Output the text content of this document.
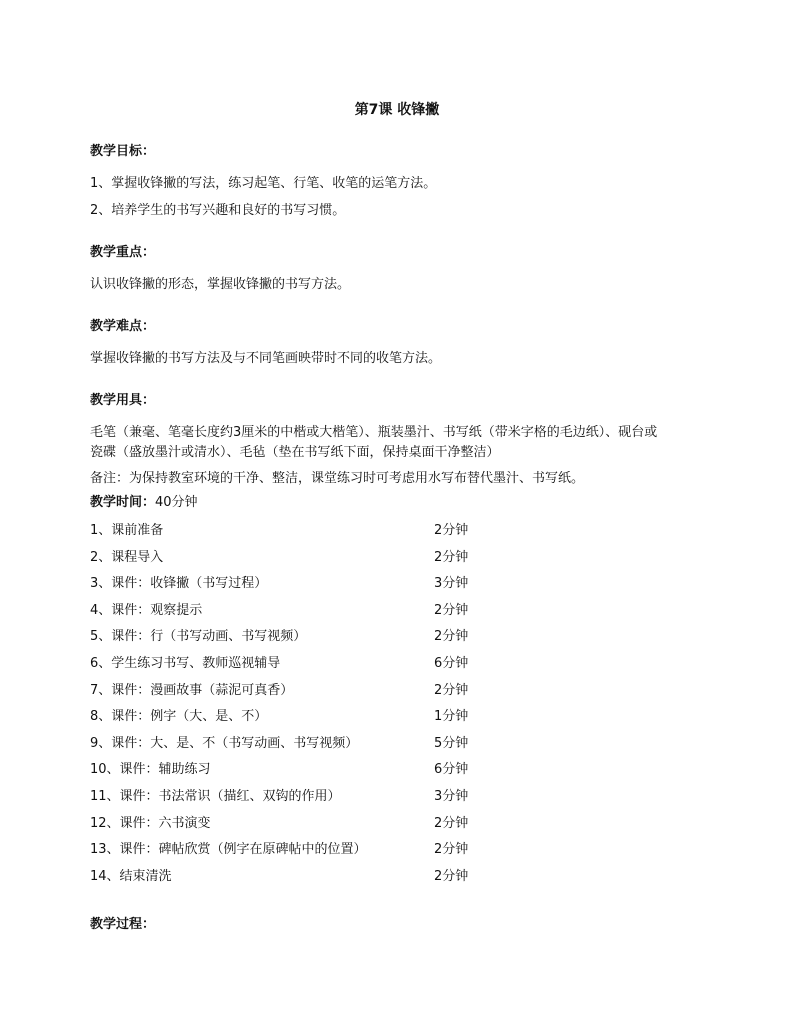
第7课 收锋撇
教学目标：
1、掌握收锋撇的写法，练习起笔、行笔、收笔的运笔方法。
2、培养学生的书写兴趣和良好的书写习惯。
教学重点：
认识收锋撇的形态，掌握收锋撇的书写方法。
教学难点：
掌握收锋撇的书写方法及与不同笔画映带时不同的收笔方法。
教学用具：
毛笔（兼毫、笔毫长度约3厘米的中楷或大楷笔）、瓶装墨汁、书写纸（带米字格的毛边纸）、砚台或
瓷碟（盛放墨汁或清水）、毛毡（垫在书写纸下面，保持桌面干净整洁）
备注：为保持教室环境的干净、整洁，课堂练习时可考虑用水写布替代墨汁、书写纸。
教学时间： 40分钟
1、课前准备	2分钟
2、课程导入	2分钟
3、课件：收锋撇（书写过程）	3分钟
4、课件：观察提示	2分钟
5、课件：行（书写动画、书写视频）	2分钟
6、学生练习书写、教师巡视辅导	6分钟
7、课件：漫画故事（蒜泥可真香）	2分钟
8、课件：例字（大、是、不）	1分钟
9、课件：大、是、不（书写动画、书写视频）	5分钟
10、课件：辅助练习	6分钟
11、课件：书法常识（描红、双钩的作用）	3分钟
12、课件：六书演变	2分钟
13、课件：碑帖欣赏（例字在原碑帖中的位置）	2分钟
14、结束清洗	2分钟
教学过程：
